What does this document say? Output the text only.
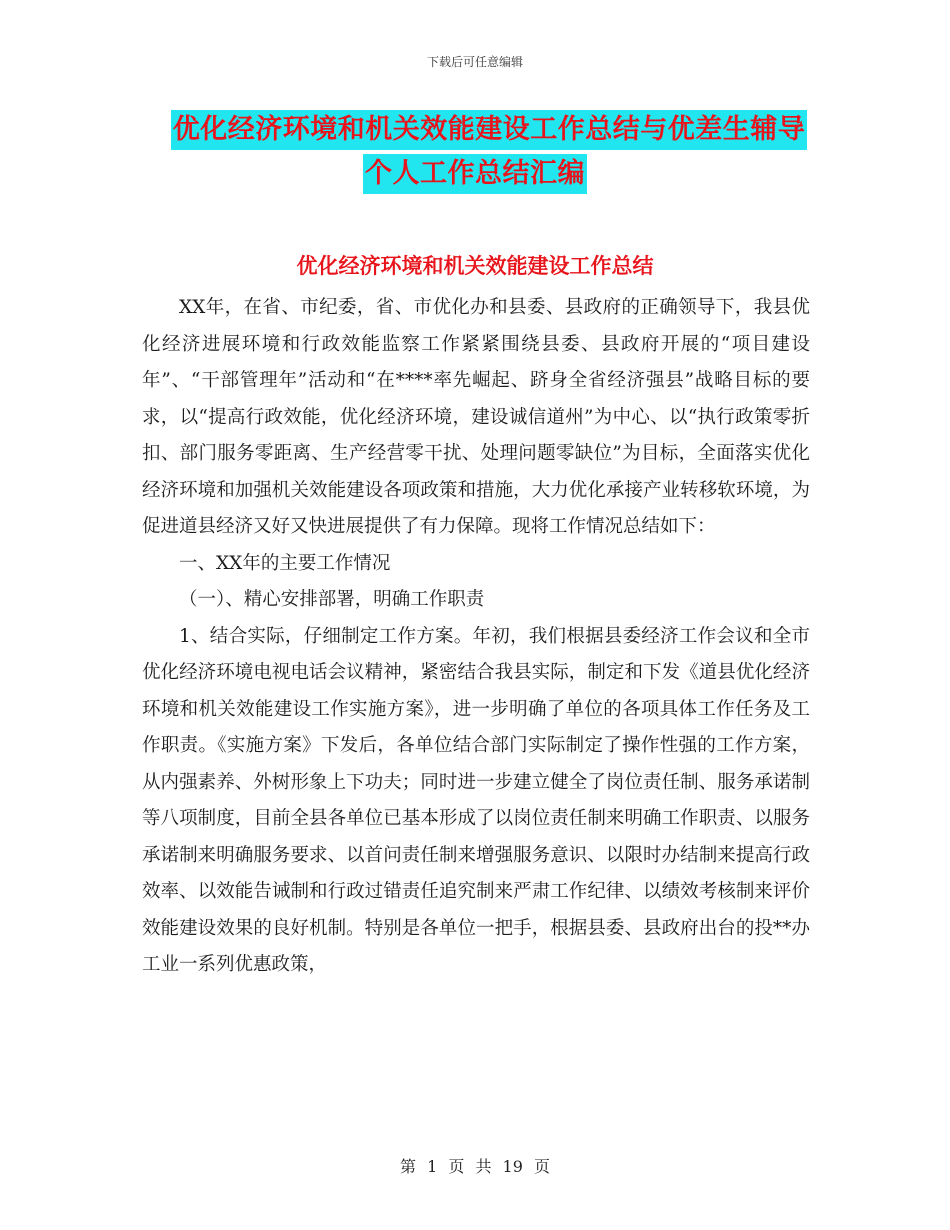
下载后可任意编辑
优化经济环境和机关效能建设工作总结与优差生辅导
个人工作总结汇编
优化经济环境和机关效能建设工作总结

XX年，在省、市纪委，省、市优化办和县委、县政府的正确领导下，我县优化经济进展环境和行政效能监察工作紧紧围绕县委、县政府开展的“项目建设年”、“干部管理年”活动和“在****率先崛起、跻身全省经济强县”战略目标的要求，以“提高行政效能，优化经济环境，建设诚信道州”为中心、以“执行政策零折扣、部门服务零距离、生产经营零干扰、处理问题零缺位”为目标，全面落实优化经济环境和加强机关效能建设各项政策和措施，大力优化承接产业转移软环境，为促进道县经济又好又快进展提供了有力保障。现将工作情况总结如下：

一、XX年的主要工作情况

（一）、精心安排部署，明确工作职责

1、结合实际，仔细制定工作方案。年初，我们根据县委经济工作会议和全市优化经济环境电视电话会议精神，紧密结合我县实际，制定和下发《道县优化经济环境和机关效能建设工作实施方案》，进一步明确了单位的各项具体工作任务及工作职责。《实施方案》下发后，各单位结合部门实际制定了操作性强的工作方案，从内强素养、外树形象上下功夫；同时进一步建立健全了岗位责任制、服务承诺制等八项制度，目前全县各单位已基本形成了以岗位责任制来明确工作职责、以服务承诺制来明确服务要求、以首问责任制来增强服务意识、以限时办结制来提高行政效率、以效能告诫制和行政过错责任追究制来严肃工作纪律、以绩效考核制来评价效能建设效果的良好机制。特别是各单位一把手，根据县委、县政府出台的投**办工业一系列优惠政策，

第 1 页 共 19 页
